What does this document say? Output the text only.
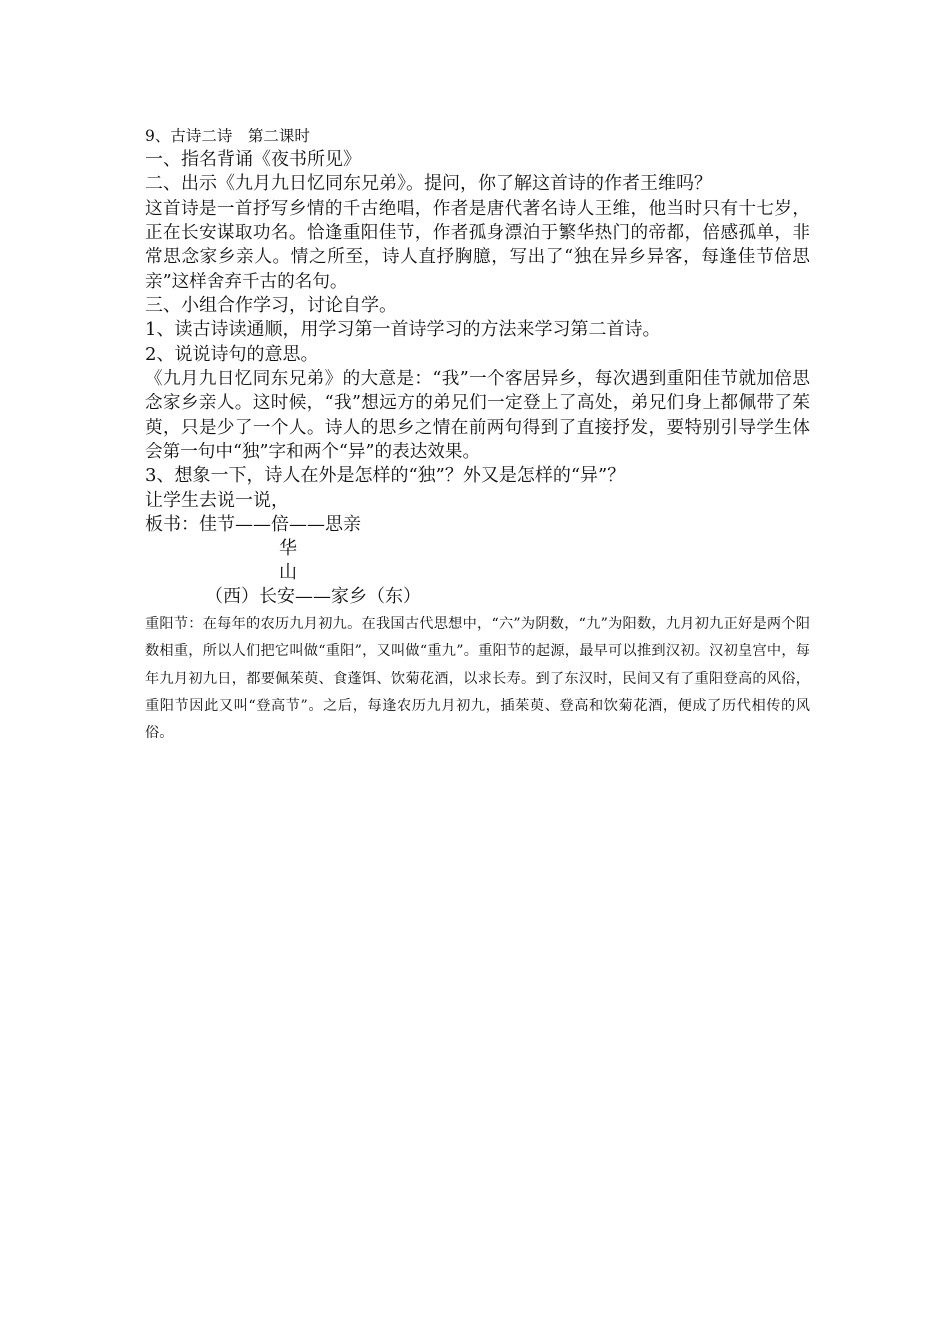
9、古诗二诗　第二课时
一、指名背诵《夜书所见》
二、出示《九月九日忆同东兄弟》。提问，你了解这首诗的作者王维吗？
这首诗是一首抒写乡情的千古绝唱，作者是唐代著名诗人王维，他当时只有十七岁，正在长安谋取功名。恰逢重阳佳节，作者孤身漂泊于繁华热门的帝都，倍感孤单，非常思念家乡亲人。情之所至，诗人直抒胸臆，写出了“独在异乡异客，每逢佳节倍思亲”这样舍弃千古的名句。
三、小组合作学习，讨论自学。
1、读古诗读通顺，用学习第一首诗学习的方法来学习第二首诗。
2、说说诗句的意思。
《九月九日忆同东兄弟》的大意是：“我”一个客居异乡，每次遇到重阳佳节就加倍思念家乡亲人。这时候，“我”想远方的弟兄们一定登上了高处，弟兄们身上都佩带了茱萸，只是少了一个人。诗人的思乡之情在前两句得到了直接抒发，要特别引导学生体会第一句中“独”字和两个“异”的表达效果。
3、想象一下，诗人在外是怎样的“独”？外又是怎样的“异”？
让学生去说一说，
板书：佳节——倍——思亲
华
山
（西）长安——家乡（东）
重阳节：在每年的农历九月初九。在我国古代思想中，“六”为阴数，“九”为阳数，九月初九正好是两个阳数相重，所以人们把它叫做“重阳”，又叫做“重九”。重阳节的起源，最早可以推到汉初。汉初皇宫中，每年九月初九日，都要佩茱萸、食蓬饵、饮菊花酒，以求长寿。到了东汉时，民间又有了重阳登高的风俗，重阳节因此又叫“登高节”。之后，每逢农历九月初九，插茱萸、登高和饮菊花酒，便成了历代相传的风俗。
